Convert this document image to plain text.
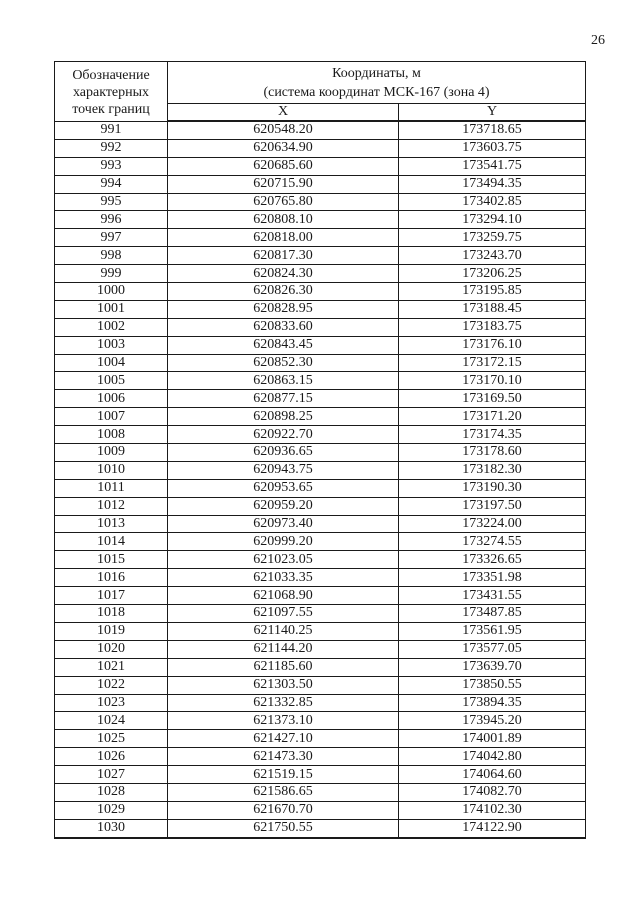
26
Обозначение
характерных
точек границ	Координаты, м
(система координат МСК-167 (зона 4)	

	X	Y
991	620548.20	173718.65
992	620634.90	173603.75
993	620685.60	173541.75
994	620715.90	173494.35
995	620765.80	173402.85
996	620808.10	173294.10
997	620818.00	173259.75
998	620817.30	173243.70
999	620824.30	173206.25
1000	620826.30	173195.85
1001	620828.95	173188.45
1002	620833.60	173183.75
1003	620843.45	173176.10
1004	620852.30	173172.15
1005	620863.15	173170.10
1006	620877.15	173169.50
1007	620898.25	173171.20
1008	620922.70	173174.35
1009	620936.65	173178.60
1010	620943.75	173182.30
1011	620953.65	173190.30
1012	620959.20	173197.50
1013	620973.40	173224.00
1014	620999.20	173274.55
1015	621023.05	173326.65
1016	621033.35	173351.98
1017	621068.90	173431.55
1018	621097.55	173487.85
1019	621140.25	173561.95
1020	621144.20	173577.05
1021	621185.60	173639.70
1022	621303.50	173850.55
1023	621332.85	173894.35
1024	621373.10	173945.20
1025	621427.10	174001.89
1026	621473.30	174042.80
1027	621519.15	174064.60
1028	621586.65	174082.70
1029	621670.70	174102.30
1030	621750.55	174122.90
